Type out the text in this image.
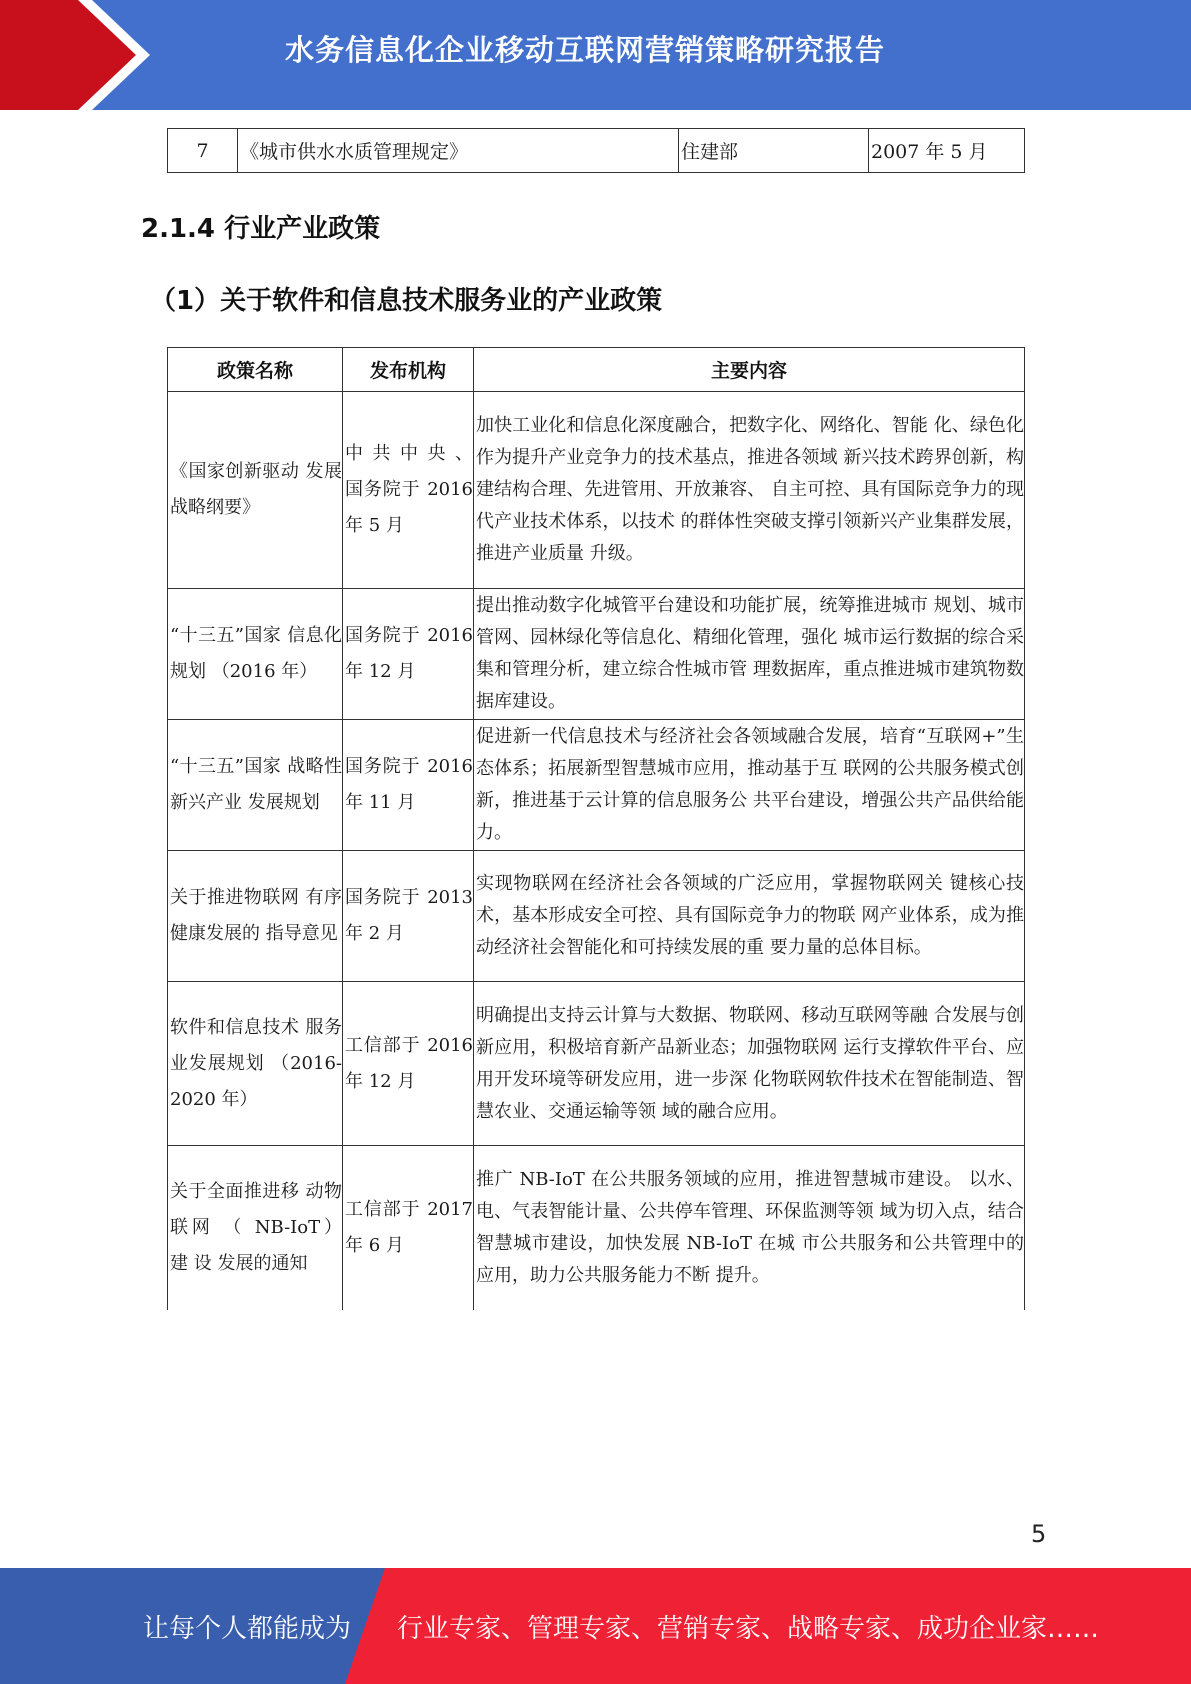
水务信息化企业移动互联网营销策略研究报告
7	《城市供水水质管理规定》	住建部	2007 年 5 月
2.1.4 行业产业政策
（1）关于软件和信息技术服务业的产业政策
政策名称	发布机构	主要内容
《国家创新驱动 发展战略纲要》	中 共 中 央 、国务院于 2016 年 5 月	加快工业化和信息化深度融合，把数字化、网络化、智能 化、绿色化作为提升产业竞争力的技术基点，推进各领域 新兴技术跨界创新，构建结构合理、先进管用、开放兼容、 自主可控、具有国际竞争力的现代产业技术体系，以技术 的群体性突破支撑引领新兴产业集群发展，推进产业质量 升级。
“十三五”国家 信息化规划 （2016 年）	国务院于 2016 年 12 月	提出推动数字化城管平台建设和功能扩展，统筹推进城市 规划、城市管网、园林绿化等信息化、精细化管理，强化 城市运行数据的综合采集和管理分析，建立综合性城市管 理数据库，重点推进城市建筑物数据库建设。
“十三五”国家 战略性新兴产业 发展规划	国务院于 2016 年 11 月	促进新一代信息技术与经济社会各领域融合发展，培育“互联网+”生态体系；拓展新型智慧城市应用，推动基于互 联网的公共服务模式创新，推进基于云计算的信息服务公 共平台建设，增强公共产品供给能力。
关于推进物联网 有序健康发展的 指导意见	国务院于 2013 年 2 月	实现物联网在经济社会各领域的广泛应用，掌握物联网关 键核心技术，基本形成安全可控、具有国际竞争力的物联 网产业体系，成为推动经济社会智能化和可持续发展的重 要力量的总体目标。
软件和信息技术 服务业发展规划 （2016-2020 年）	工信部于 2016 年 12 月	明确提出支持云计算与大数据、物联网、移动互联网等融 合发展与创新应用，积极培育新产品新业态；加强物联网 运行支撑软件平台、应用开发环境等研发应用，进一步深 化物联网软件技术在智能制造、智慧农业、交通运输等领 域的融合应用。
关于全面推进移 动物联网 （ NB-IoT） 建 设 发展的通知	工信部于 2017 年 6 月	推广 NB-IoT 在公共服务领域的应用，推进智慧城市建设。 以水、电、气表智能计量、公共停车管理、环保监测等领 域为切入点，结合智慧城市建设，加快发展 NB-IoT 在城 市公共服务和公共管理中的应用，助力公共服务能力不断 提升。
5
让每个人都能成为 行业专家、管理专家、营销专家、战略专家、成功企业家……
